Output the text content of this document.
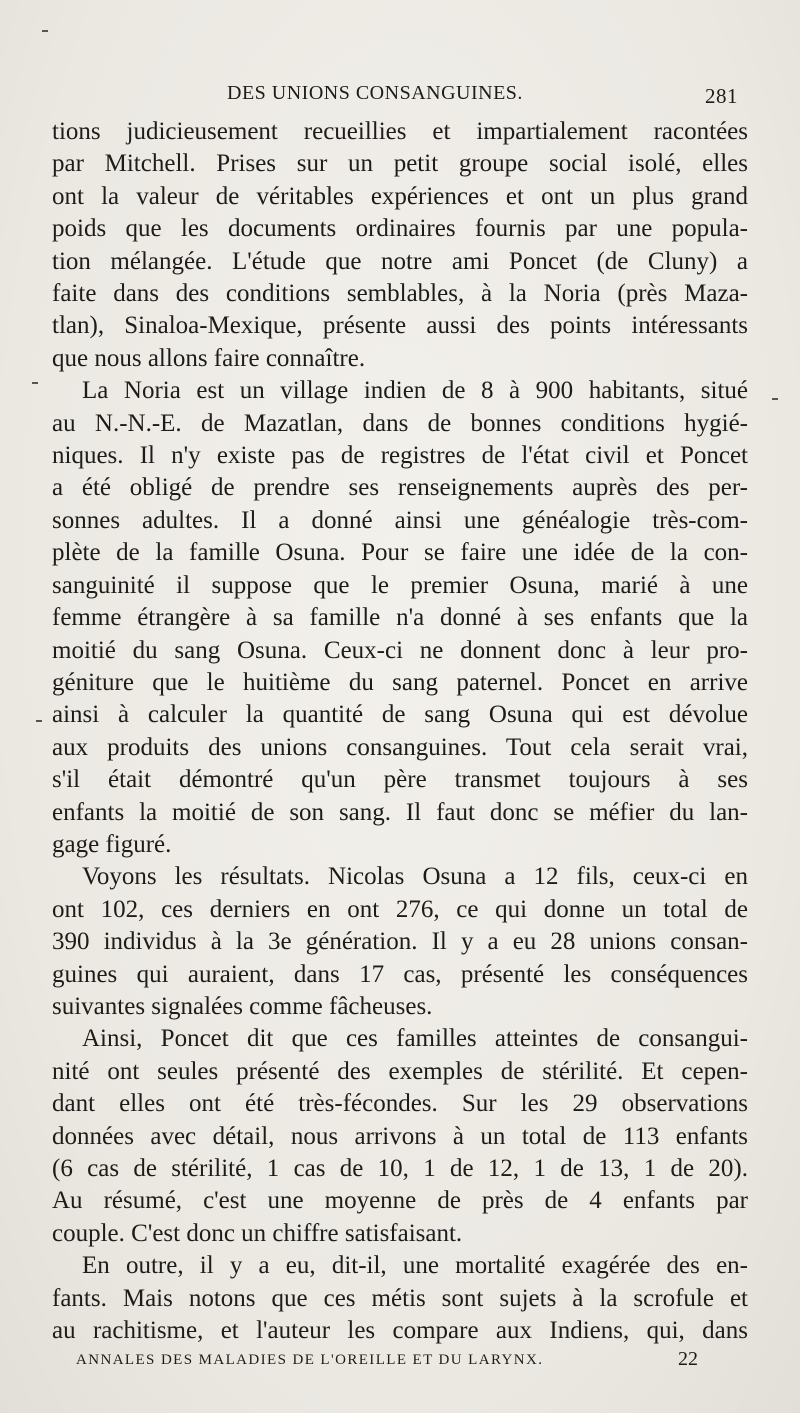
DES UNIONS CONSANGUINES.	281
tions judicieusement recueillies et impartialement racontées
par Mitchell. Prises sur un petit groupe social isolé, elles
ont la valeur de véritables expériences et ont un plus grand
poids que les documents ordinaires fournis par une popula-
tion mélangée. L'étude que notre ami Poncet (de Cluny) a
faite dans des conditions semblables, à la Noria (près Maza-
tlan), Sinaloa-Mexique, présente aussi des points intéressants
que nous allons faire connaître.
La Noria est un village indien de 8 à 900 habitants, situé
au N.-N.-E. de Mazatlan, dans de bonnes conditions hygié-
niques. Il n'y existe pas de registres de l'état civil et Poncet
a été obligé de prendre ses renseignements auprès des per-
sonnes adultes. Il a donné ainsi une généalogie très-com-
plète de la famille Osuna. Pour se faire une idée de la con-
sanguinité il suppose que le premier Osuna, marié à une
femme étrangère à sa famille n'a donné à ses enfants que la
moitié du sang Osuna. Ceux-ci ne donnent donc à leur pro-
géniture que le huitième du sang paternel. Poncet en arrive
ainsi à calculer la quantité de sang Osuna qui est dévolue
aux produits des unions consanguines. Tout cela serait vrai,
s'il était démontré qu'un père transmet toujours à ses
enfants la moitié de son sang. Il faut donc se méfier du lan-
gage figuré.
Voyons les résultats. Nicolas Osuna a 12 fils, ceux-ci en
ont 102, ces derniers en ont 276, ce qui donne un total de
390 individus à la 3e génération. Il y a eu 28 unions consan-
guines qui auraient, dans 17 cas, présenté les conséquences
suivantes signalées comme fâcheuses.
Ainsi, Poncet dit que ces familles atteintes de consangui-
nité ont seules présenté des exemples de stérilité. Et cepen-
dant elles ont été très-fécondes. Sur les 29 observations
données avec détail, nous arrivons à un total de 113 enfants
(6 cas de stérilité, 1 cas de 10, 1 de 12, 1 de 13, 1 de 20).
Au résumé, c'est une moyenne de près de 4 enfants par
couple. C'est donc un chiffre satisfaisant.
En outre, il y a eu, dit-il, une mortalité exagérée des en-
fants. Mais notons que ces métis sont sujets à la scrofule et
au rachitisme, et l'auteur les compare aux Indiens, qui, dans
ANNALES DES MALADIES DE L'OREILLE ET DU LARYNX.	22
